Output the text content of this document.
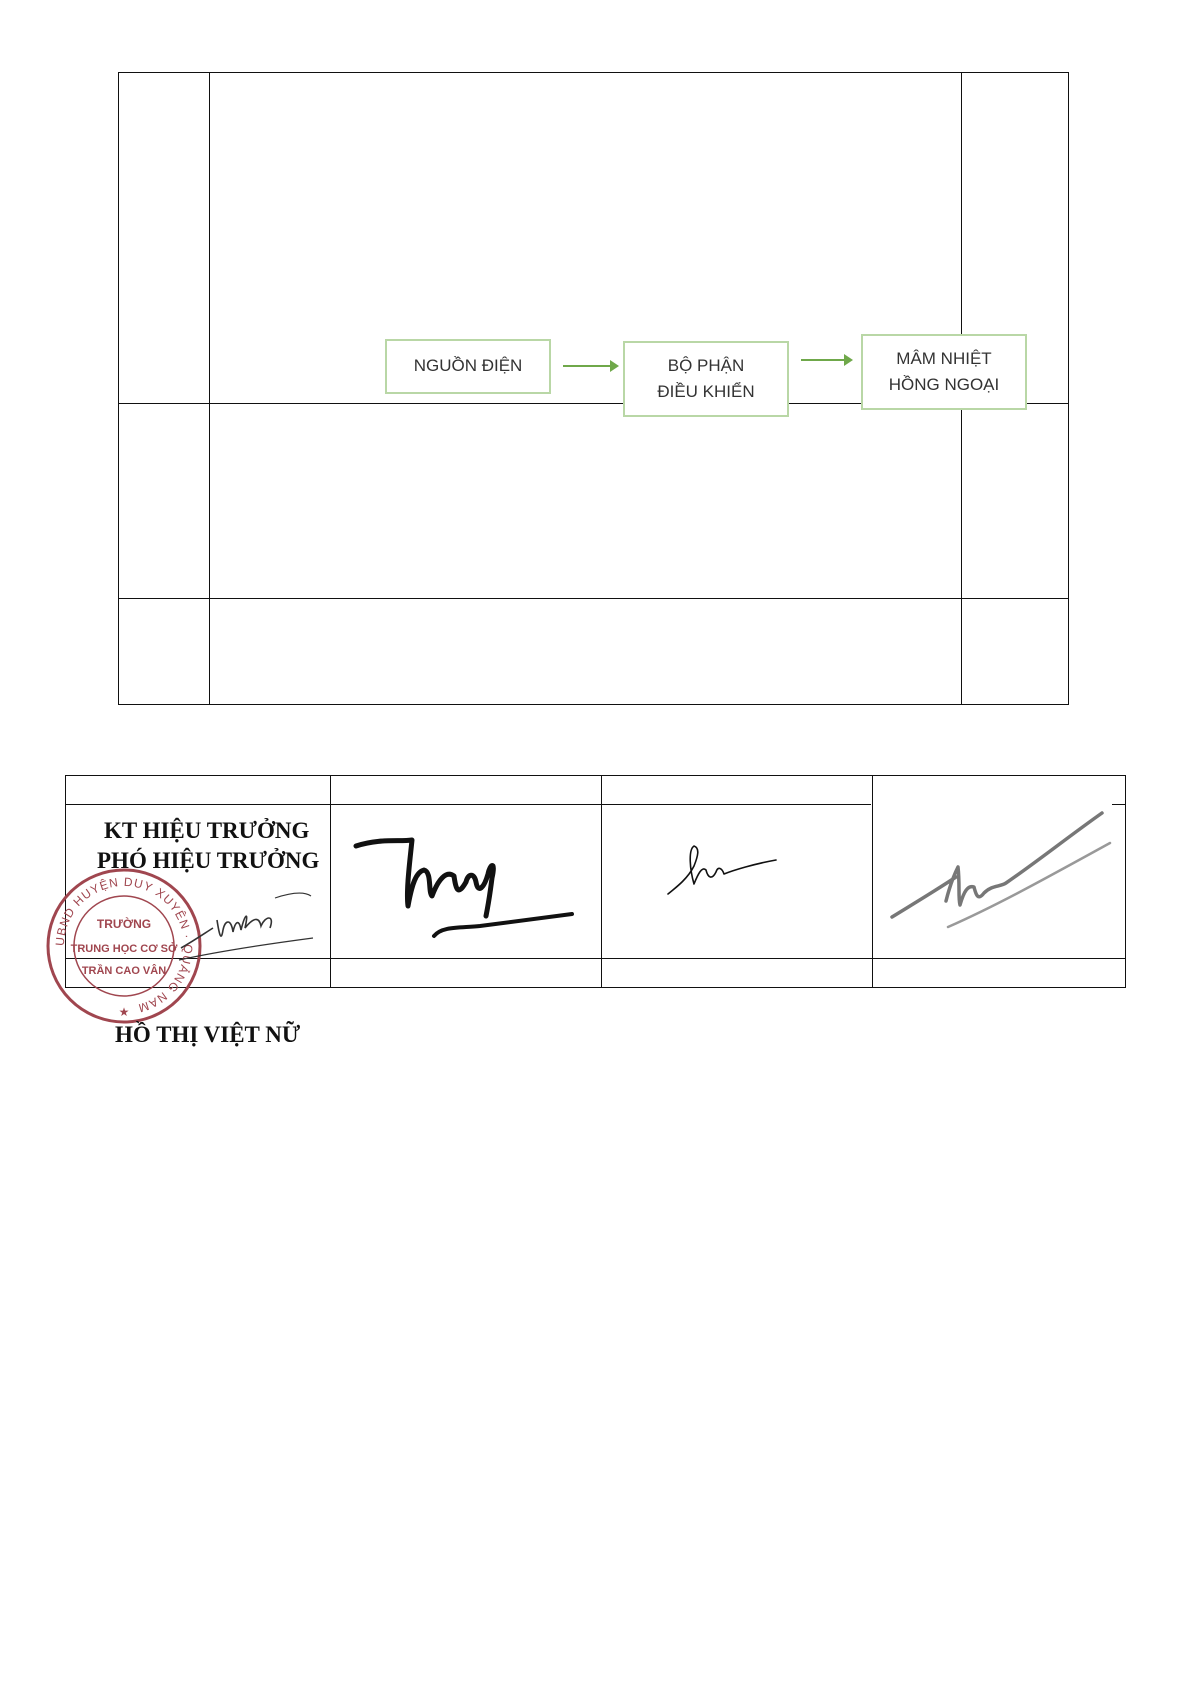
NGUỒN ĐIỆN	BỘ PHẬN
ĐIỀU KHIỂN
MÂM NHIỆT
HỒNG NGOẠI
KT HIỆU TRƯỞNG
PHÓ HIỆU TRƯỞNG
UBND HUYỆN DUY XUYÊN · QUẢNG NAM
TRƯỜNG
TRUNG HỌC CƠ SỞ
TRẦN CAO VÂN
★
HỒ THỊ VIỆT NỮ
